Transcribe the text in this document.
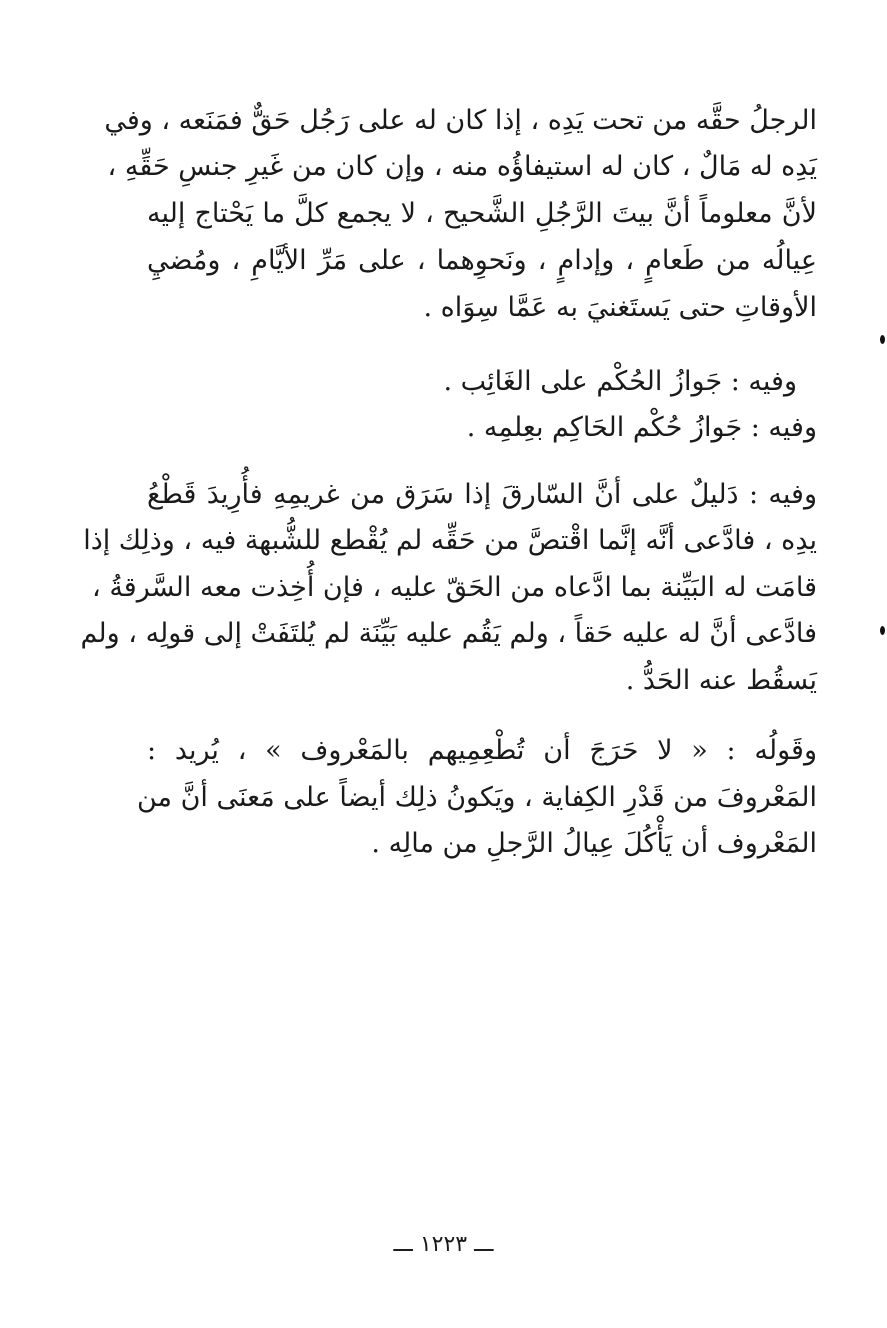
الرجلُ حقَّه من تحت يَدِه ، إذا كان له على رَجُل حَقٌّ فمَنَعه ، وفي
يَدِه له مَالٌ ، كان له استيفاؤُه منه ، وإن كان من غَيرِ جنسِ حَقِّهِ ،
لأنَّ معلوماً أنَّ بيتَ الرَّجُلِ الشَّحيح ، لا يجمع كلَّ ما يَحْتاج إليه
عِيالُه من طَعامٍ ، وإدامٍ ، ونَحوِهما ، على مَرِّ الأيَّامِ ، ومُضيِ
الأوقاتِ حتى يَستَغنيَ به عَمَّا سِوَاه .
وفيه : جَوازُ الحُكْم على الغَائِب .
وفيه : جَوازُ حُكْم الحَاكِم بعِلمِه .
وفيه : دَليلٌ على أنَّ السّارقَ إذا سَرَق من غريمِهِ فأُرِيدَ قَطْعُ
يدِه ، فادَّعى أنَّه إنَّما اقْتصَّ من حَقِّه لم يُقْطع للشُّبهة فيه ، وذلِك إذا
قامَت له البَيِّنة بما ادَّعاه من الحَقّ عليه ، فإن أُخِذت معه السَّرقةُ ،
فادَّعى أنَّ له عليه حَقاً ، ولم يَقُم عليه بَيِّنَة لم يُلتَفَتْ إلى قولِه ، ولم
يَسقُط عنه الحَدُّ .
وقَولُه : « لا حَرَجَ أن تُطْعِمِيهم بالمَعْروف » ، يُريد :
المَعْروفَ من قَدْرِ الكِفاية ، ويَكونُ ذلِك أيضاً على مَعنَى أنَّ من
المَعْروف أن يَأْكُلَ عِيالُ الرَّجلِ من مالِه .
ـــ ١٢٢٣ ـــ
